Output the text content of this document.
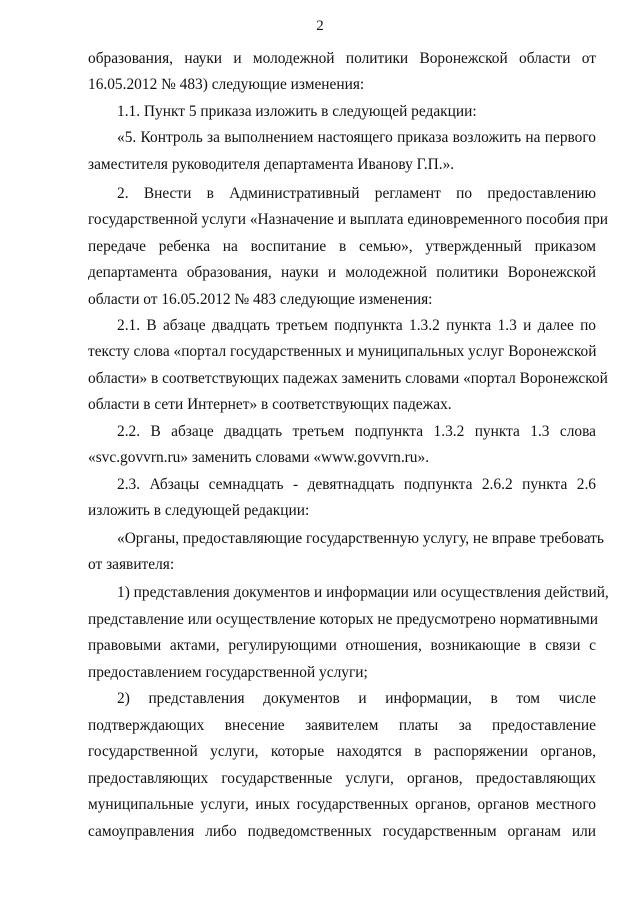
2
образования, науки и молодежной политики Воронежской области от
16.05.2012 № 483) следующие изменения:
1.1. Пункт 5 приказа изложить в следующей редакции:
«5. Контроль за выполнением настоящего приказа возложить на первого
заместителя руководителя департамента Иванову Г.П.».
2. Внести в Административный регламент по предоставлению
государственной услуги «Назначение и выплата единовременного пособия при
передаче ребенка на воспитание в семью», утвержденный приказом
департамента образования, науки и молодежной политики Воронежской
области от 16.05.2012 № 483 следующие изменения:
2.1. В абзаце двадцать третьем подпункта 1.3.2 пункта 1.3 и далее по
тексту слова «портал государственных и муниципальных услуг Воронежской
области» в соответствующих падежах заменить словами «портал Воронежской
области в сети Интернет» в соответствующих падежах.
2.2. В абзаце двадцать третьем подпункта 1.3.2 пункта 1.3 слова
«svc.govvrn.ru» заменить словами «www.govvrn.ru».
2.3. Абзацы семнадцать - девятнадцать подпункта 2.6.2 пункта 2.6
изложить в следующей редакции:
«Органы, предоставляющие государственную услугу, не вправе требовать
от заявителя:
1) представления документов и информации или осуществления действий,
представление или осуществление которых не предусмотрено нормативными
правовыми актами, регулирующими отношения, возникающие в связи с
предоставлением государственной услуги;
2) представления документов и информации, в том числе
подтверждающих внесение заявителем платы за предоставление
государственной услуги, которые находятся в распоряжении органов,
предоставляющих государственные услуги, органов, предоставляющих
муниципальные услуги, иных государственных органов, органов местного
самоуправления либо подведомственных государственным органам или
